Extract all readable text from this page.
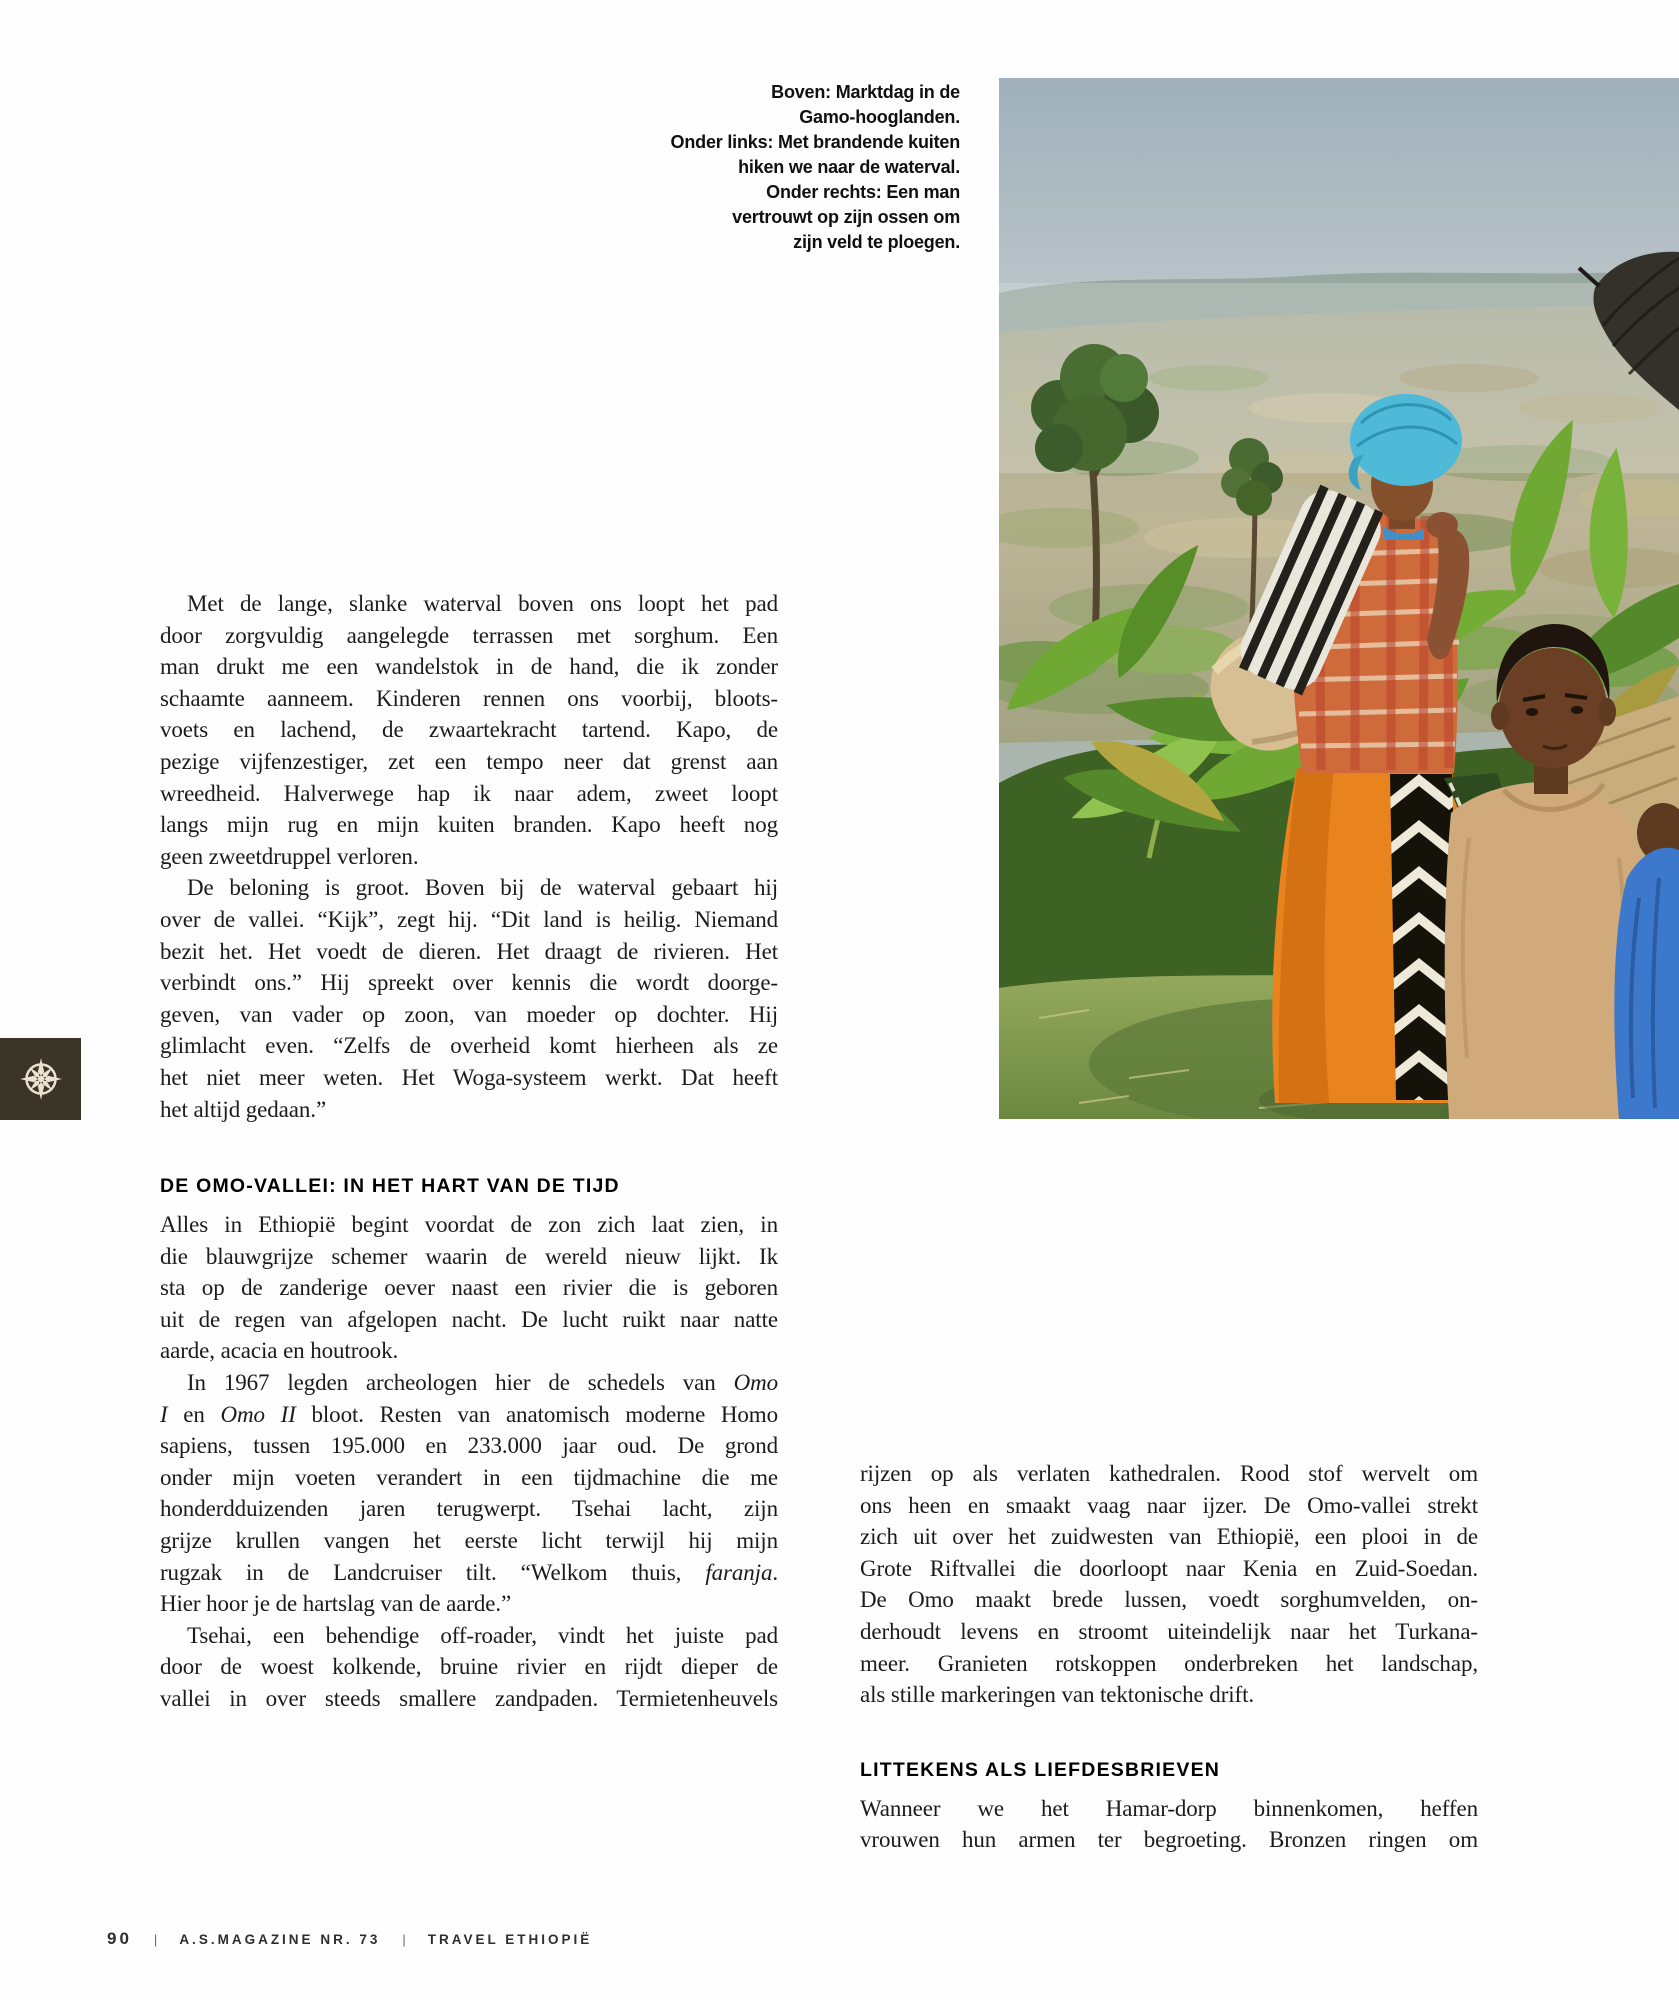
Boven: Marktdag in de
Gamo-hooglanden.
Onder links: Met brandende kuiten
hiken we naar de waterval.
Onder rechts: Een man
vertrouwt op zijn ossen om
zijn veld te ploegen.
Met de lange, slanke waterval boven ons loopt het pad
door zorgvuldig aangelegde terrassen met sorghum. Een
man drukt me een wandelstok in de hand, die ik zonder
schaamte aanneem. Kinderen rennen ons voorbij, bloots-
voets en lachend, de zwaartekracht tartend. Kapo, de
pezige vijfenzestiger, zet een tempo neer dat grenst aan
wreedheid. Halverwege hap ik naar adem, zweet loopt
langs mijn rug en mijn kuiten branden. Kapo heeft nog
geen zweetdruppel verloren.
De beloning is groot. Boven bij de waterval gebaart hij
over de vallei. “Kijk”, zegt hij. “Dit land is heilig. Niemand
bezit het. Het voedt de dieren. Het draagt de rivieren. Het
verbindt ons.” Hij spreekt over kennis die wordt doorge-
geven, van vader op zoon, van moeder op dochter. Hij
glimlacht even. “Zelfs de overheid komt hierheen als ze
het niet meer weten. Het Woga-systeem werkt. Dat heeft
het altijd gedaan.”
DE OMO-VALLEI: IN HET HART VAN DE TIJD
Alles in Ethiopië begint voordat de zon zich laat zien, in
die blauwgrijze schemer waarin de wereld nieuw lijkt. Ik
sta op de zanderige oever naast een rivier die is geboren
uit de regen van afgelopen nacht. De lucht ruikt naar natte
aarde, acacia en houtrook.
In 1967 legden archeologen hier de schedels van Omo
I en Omo II bloot. Resten van anatomisch moderne Homo
sapiens, tussen 195.000 en 233.000 jaar oud. De grond
onder mijn voeten verandert in een tijdmachine die me
honderdduizenden jaren terugwerpt. Tsehai lacht, zijn
grijze krullen vangen het eerste licht terwijl hij mijn
rugzak in de Landcruiser tilt. “Welkom thuis, faranja.
Hier hoor je de hartslag van de aarde.”
Tsehai, een behendige off-roader, vindt het juiste pad
door de woest kolkende, bruine rivier en rijdt dieper de
vallei in over steeds smallere zandpaden. Termietenheuvels
rijzen op als verlaten kathedralen. Rood stof wervelt om
ons heen en smaakt vaag naar ijzer. De Omo-vallei strekt
zich uit over het zuidwesten van Ethiopië, een plooi in de
Grote Riftvallei die doorloopt naar Kenia en Zuid-Soedan.
De Omo maakt brede lussen, voedt sorghumvelden, on-
derhoudt levens en stroomt uiteindelijk naar het Turkana-
meer. Granieten rotskoppen onderbreken het landschap,
als stille markeringen van tektonische drift.
LITTEKENS ALS LIEFDESBRIEVEN
Wanneer we het Hamar-dorp binnenkomen, heffen
vrouwen hun armen ter begroeting. Bronzen ringen om
90 | A.S.MAGAZINE NR. 73 | TRAVEL ETHIOPIË
